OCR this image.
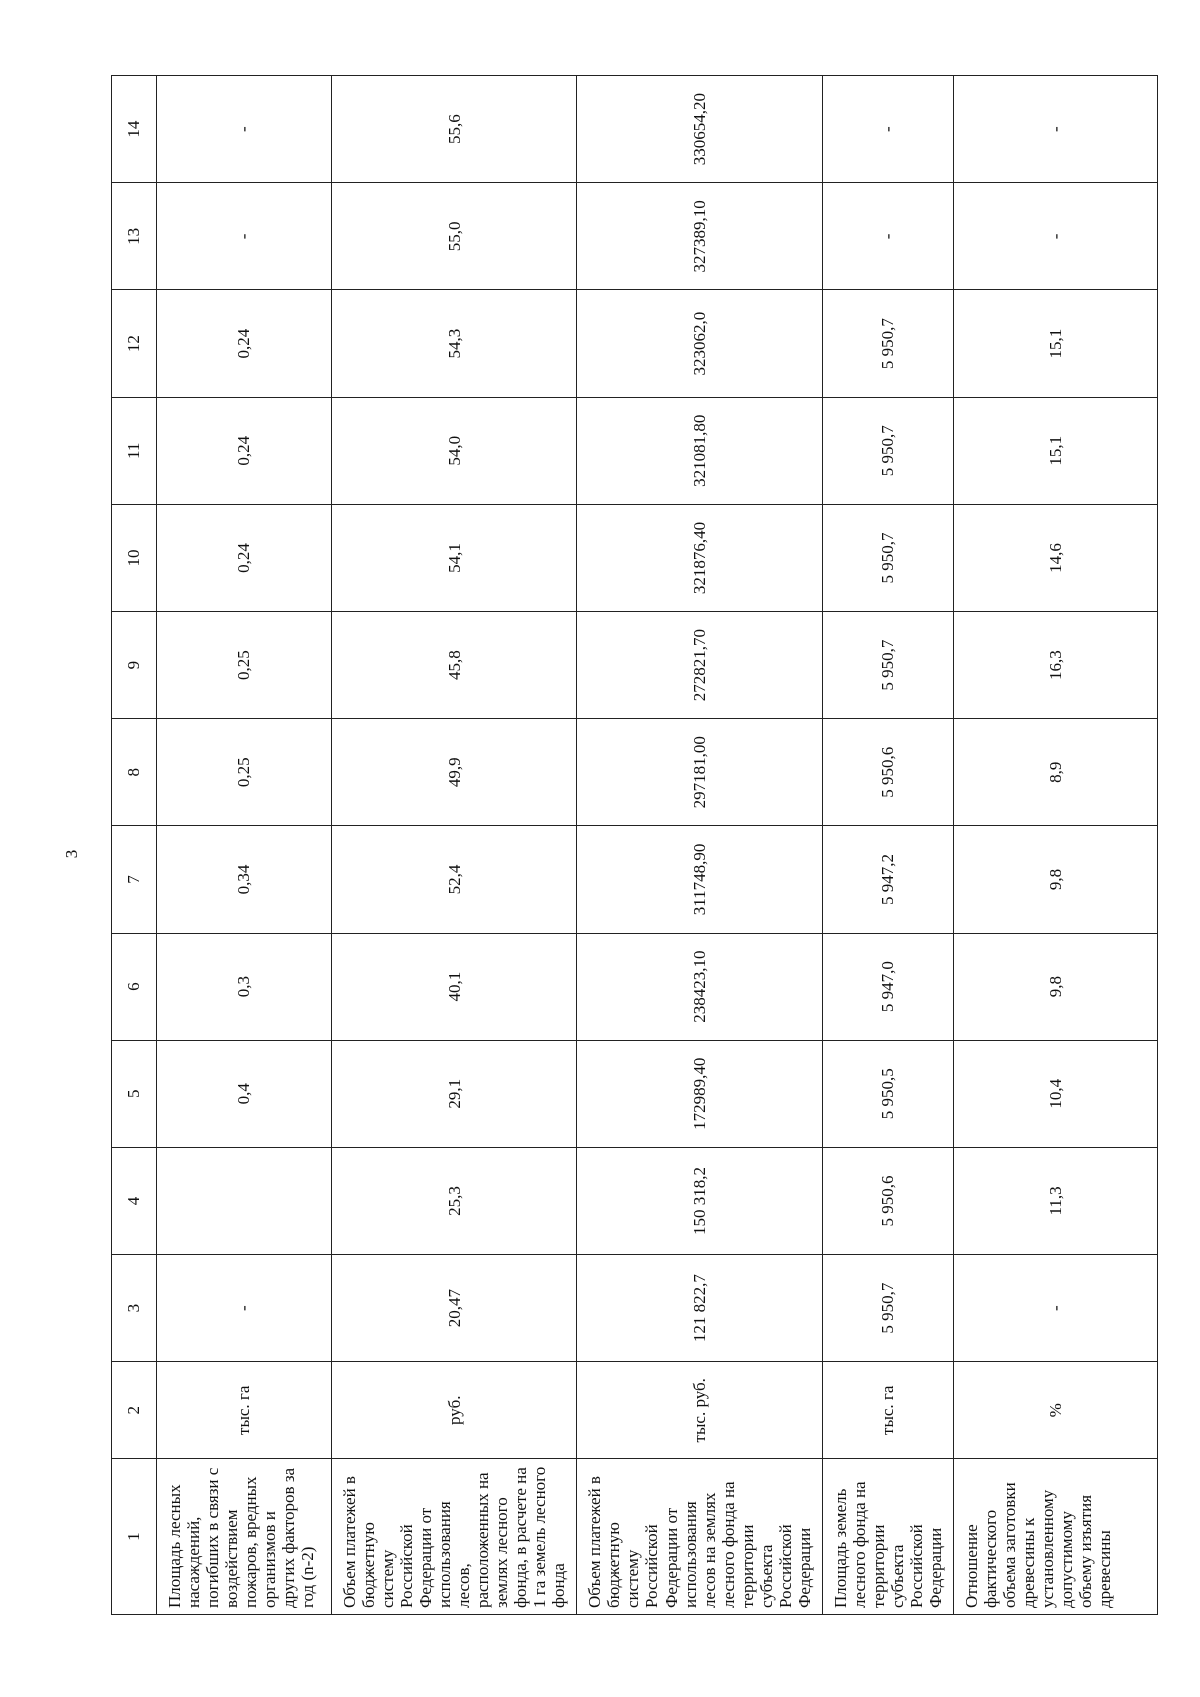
3
1	2	3	4	5	6	7	8	9	10	11	12	13	14
Площадь лесных насаждений, погибших в связи с воздействием пожаров, вредных организмов и других факторов за год (n-2)	тыс. га	-		0,4	0,3	0,34	0,25	0,25	0,24	0,24	0,24	-	-
Объем платежей в бюджетную систему Российской Федерации от использования лесов, расположенных на землях лесного фонда, в расчете на 1 га земель лесного фонда	руб.	20,47	25,3	29,1	40,1	52,4	49,9	45,8	54,1	54,0	54,3	55,0	55,6
Объем платежей в бюджетную систему Российской Федерации от использования лесов на землях лесного фонда на территории субъекта Российской Федерации	тыс. руб.	121 822,7	150 318,2	172989,40	238423,10	311748,90	297181,00	272821,70	321876,40	321081,80	323062,0	327389,10	330654,20
Площадь земель лесного фонда на территории субъекта Российской Федерации	тыс. га	5 950,7	5 950,6	5 950,5	5 947,0	5 947,2	5 950,6	5 950,7	5 950,7	5 950,7	5 950,7	-	-
Отношение фактического объема заготовки древесины к установленному допустимому объему изъятия древесины	%	-	11,3	10,4	9,8	9,8	8,9	16,3	14,6	15,1	15,1	-	-
